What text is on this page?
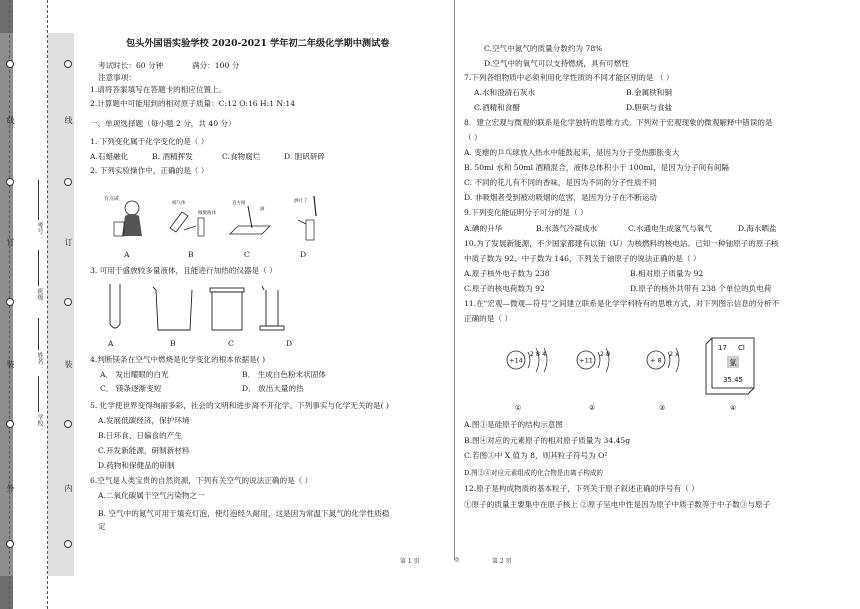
线
订
装
外
线
订
装
内
考号：
班级：
姓名：
学校：
包头外国语实验学校 2020-2021 学年初二年级化学期中测试卷
考试时长：60 分钟	满分：100 分
注意事项：
1.请将答案填写在答题卡的相应位置上。
2.计算题中可能用到的相对原子质量：C:12 O:16 H:1 N:14
一、单项选择题（每小题 2 分，共 40 分）
1. 下列变化属于化学变化的是（ ）
A.石蜡融化	B. 酒精挥发	C.食物腐烂	D. 胆矾研碎
2. 下列实验操作中，正确的是（ ）
有点咸
闻气体
倾倒液体
直方纸
滴
洒汁了
A	B	C	D
3. 可用于盛放较多量液体，且能进行加热的仪器是（ ）
A	B	C	D
4.判断镁条在空气中燃烧是化学变化的根本依据是( )
A． 发出耀眼的白光	B． 生成白色粉末状固体
C． 镁条逐渐变短	D． 放出大量的热
5. 化学使世界变得绚丽多彩，社会的文明和进步离不开化学。下列事实与化学无关的是( )
A.发展低碳经济，保护环境
B.日环食、日偏食的产生
C.开发新能源，研制新材料
D.药物和保健品的研制
6.空气是人类宝贵的自然资源，下列有关空气的说法正确的是（ ）
A.二氧化碳属于空气污染物之一
B. 空气中的氮气可用于填充灯泡，使灯泡经久耐用，这是因为常温下氮气的化学性质稳
定
C.空气中氮气的质量分数约为 78%
D.空气中的氧气可以支持燃烧，具有可燃性
7.下列各组物质中必须利用化学性质的不同才能区别的是 （ ）
A.水和澄清石灰水	B.金属铁和铜
C.酒精和食醋	D.胆矾与食盐
8．建立宏观与微观的联系是化学独特的思维方式。下列对于宏观现象的微观解释中错误的是
（ ）
A. 变瘪的乒乓球放入热水中能鼓起来，是因为分子受热膨胀变大
B. 50ml 水和 50ml 酒精混合，液体总体积小于 100ml，是因为分子间有间隔
C. 不同的花儿有不同的香味，是因为不同的分子性质不同
D. 非吸烟者受到被动吸烟的危害，是因为分子在不断运动
9.下列变化能证明分子可分的是（ ）
A.碘的升华	B.水蒸气冷凝成水	C.水通电生成氢气与氧气	D.海水晒盐
10.为了发展新能源，不少国家都建有以铀（U）为核燃料的核电站。已知一种铀原子的原子核
中质子数为 92、中子数为 146，下列关于铀原子的说法正确的是（ ）
A.原子核外电子数为 238	B.相对原子质量为 92
C.原子的核电荷数为 92	D.原子的核外共带有 238 个单位的负电荷
11.在"宏观—微观—符号"之间建立联系是化学学科特有的思维方式，对下列图示信息的分析不
正确的是（ ）
+14
2 8 4
①
+11
2 8
②
+ 8
2 x
③
17 Cl
氯
35.45
④
A.图①是硅原子的结构示意图
B.图④对应的元素原子的相对原子质量为 34.45g
C.若图③中 X 值为 8，则其粒子符号为 O²
D.图②④对应元素组成的化合物是由离子构成的
12.原子是构成物质的基本粒子，下列关于原子叙述正确的序号有（ ）
①原子的质量主要集中在原子核上 ②原子呈电中性是因为原子中质子数等于中子数③与原子
第 1 页	◎	第 2 页
